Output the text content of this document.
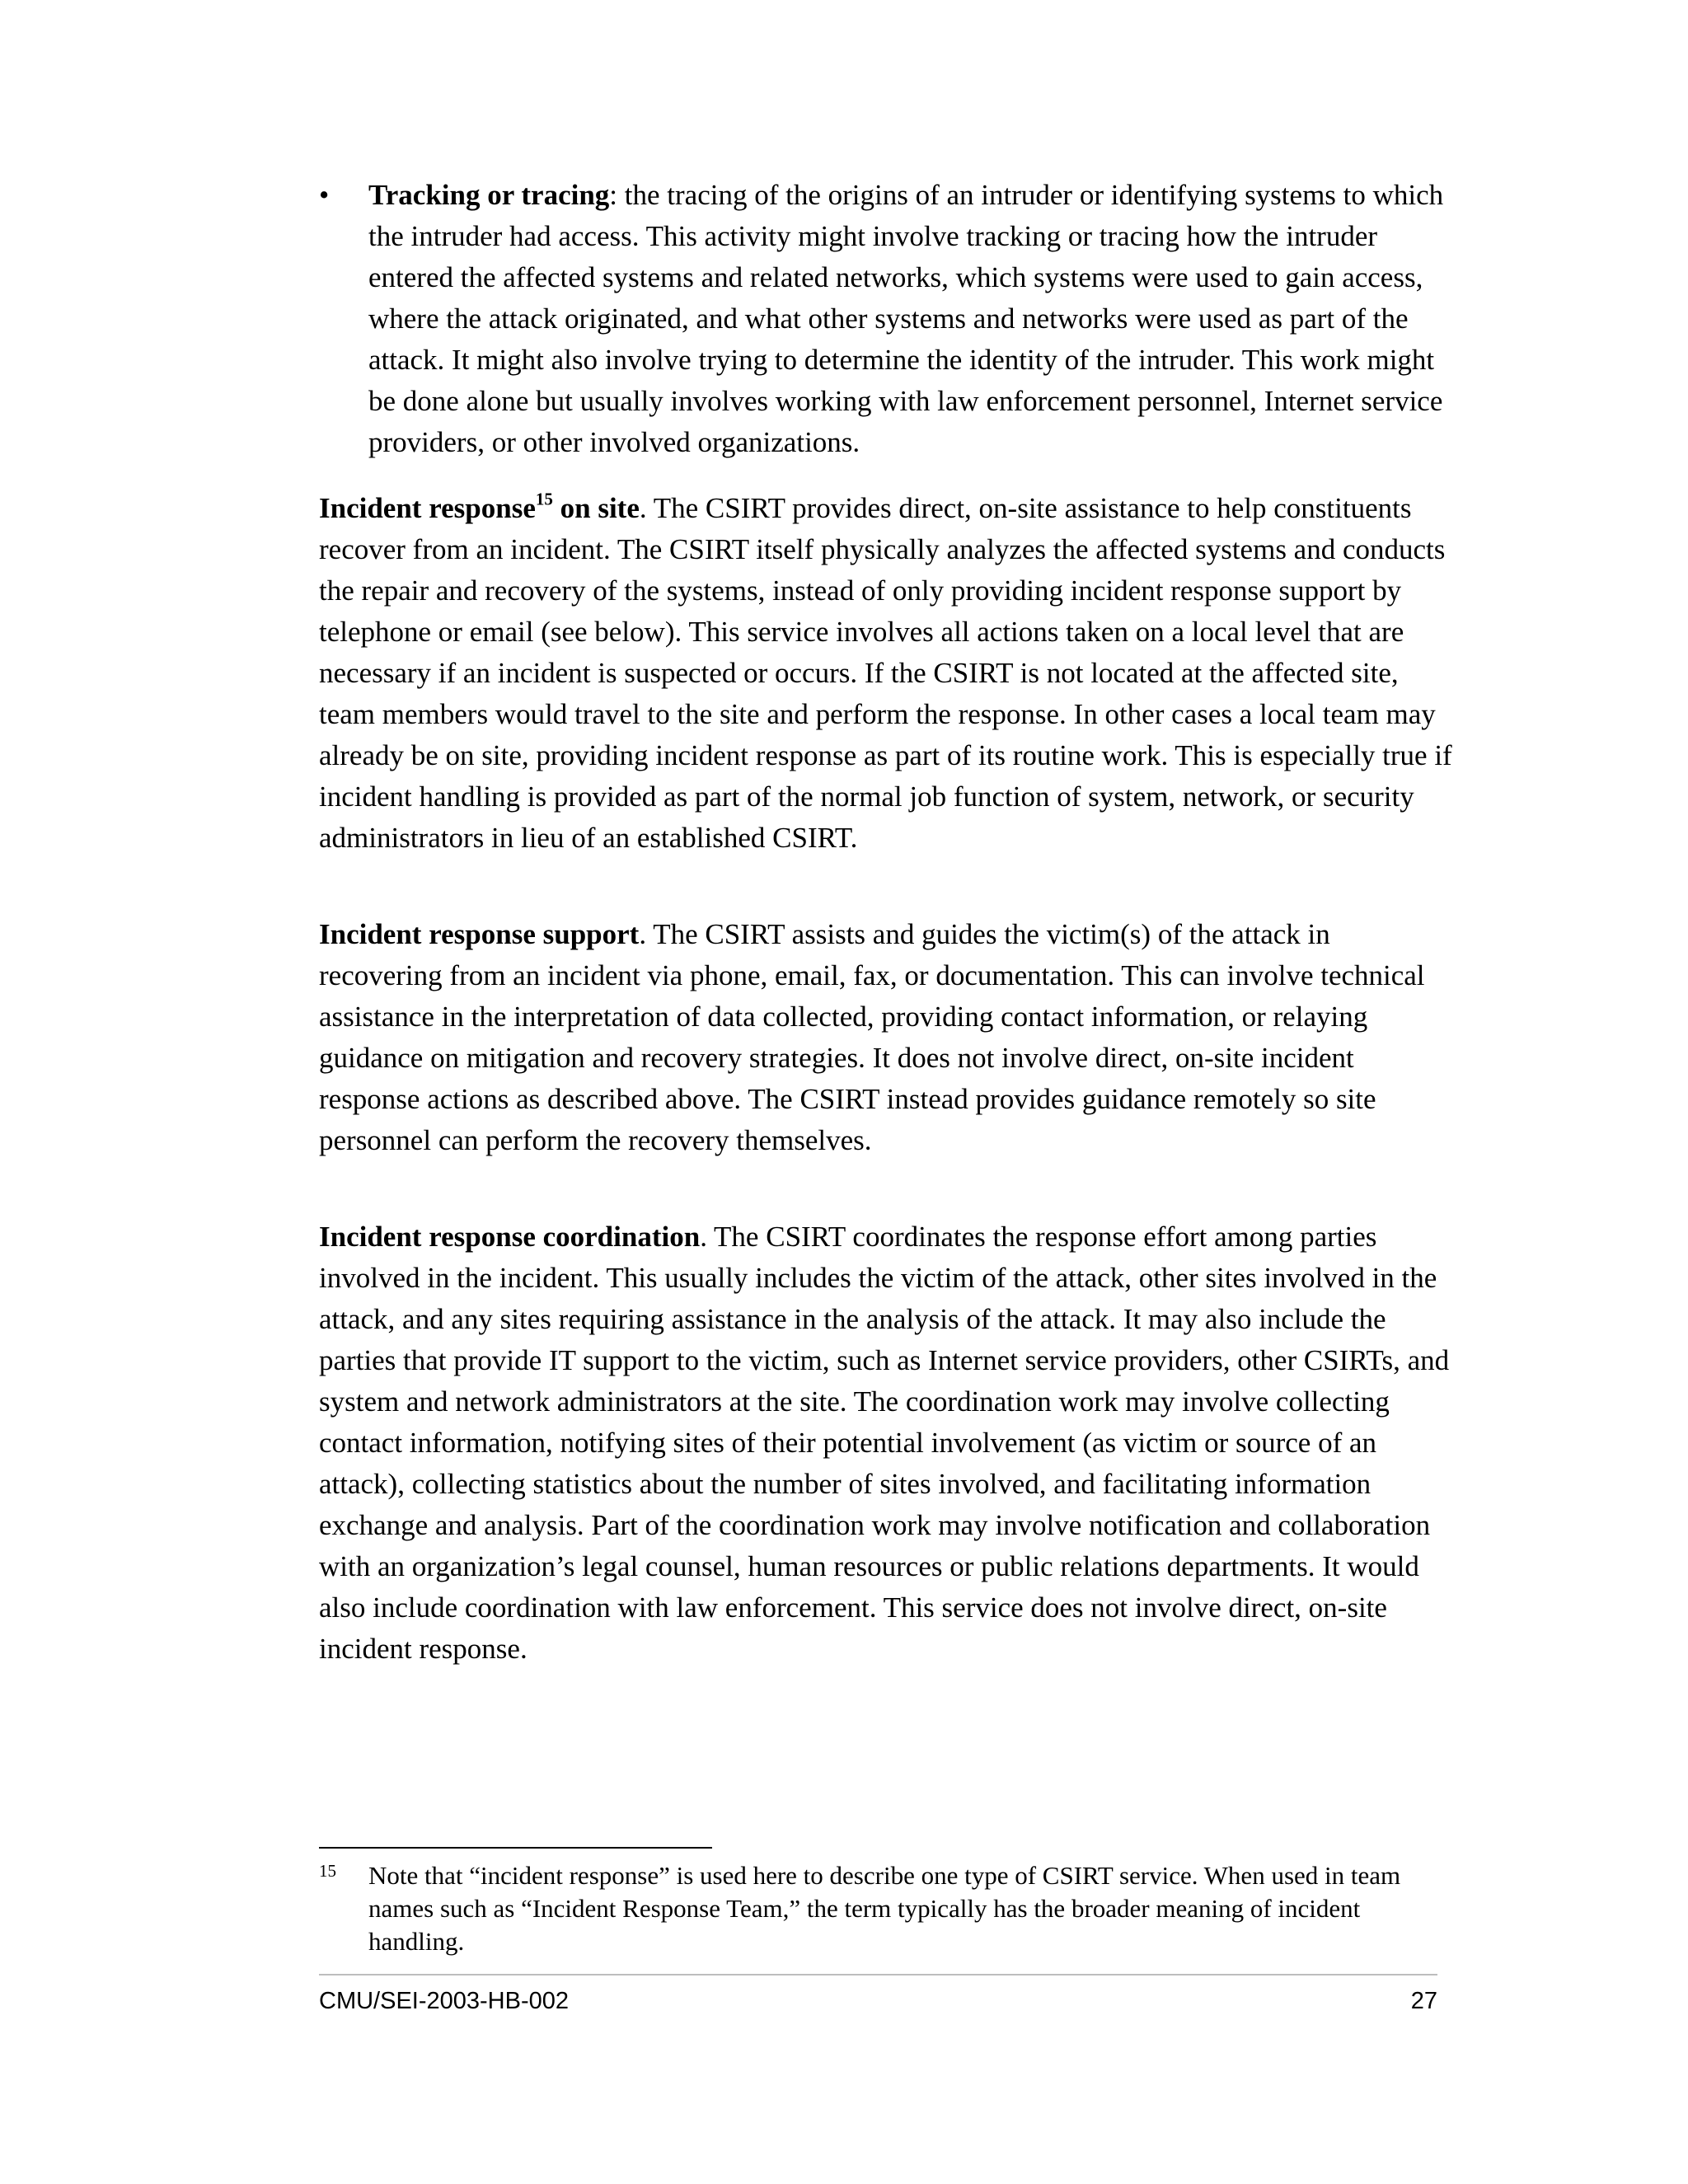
• Tracking or tracing: the tracing of the origins of an intruder or identifying systems to which the intruder had access. This activity might involve tracking or tracing how the intruder entered the affected systems and related networks, which systems were used to gain access, where the attack originated, and what other systems and networks were used as part of the attack. It might also involve trying to determine the identity of the intruder. This work might be done alone but usually involves working with law enforcement personnel, Internet service providers, or other involved organizations.

Incident response$^{15}$ on site. The CSIRT provides direct, on-site assistance to help constituents recover from an incident. The CSIRT itself physically analyzes the affected systems and conducts the repair and recovery of the systems, instead of only providing incident response support by telephone or email (see below). This service involves all actions taken on a local level that are necessary if an incident is suspected or occurs. If the CSIRT is not located at the affected site, team members would travel to the site and perform the response. In other cases a local team may already be on site, providing incident response as part of its routine work. This is especially true if incident handling is provided as part of the normal job function of system, network, or security administrators in lieu of an established CSIRT.

Incident response support. The CSIRT assists and guides the victim(s) of the attack in recovering from an incident via phone, email, fax, or documentation. This can involve technical assistance in the interpretation of data collected, providing contact information, or relaying guidance on mitigation and recovery strategies. It does not involve direct, on-site incident response actions as described above. The CSIRT instead provides guidance remotely so site personnel can perform the recovery themselves.

Incident response coordination. The CSIRT coordinates the response effort among parties involved in the incident. This usually includes the victim of the attack, other sites involved in the attack, and any sites requiring assistance in the analysis of the attack. It may also include the parties that provide IT support to the victim, such as Internet service providers, other CSIRTs, and system and network administrators at the site. The coordination work may involve collecting contact information, notifying sites of their potential involvement (as victim or source of an attack), collecting statistics about the number of sites involved, and facilitating information exchange and analysis. Part of the coordination work may involve notification and collaboration with an organization’s legal counsel, human resources or public relations departments. It would also include coordination with law enforcement. This service does not involve direct, on-site incident response.

15	Note that “incident response” is used here to describe one type of CSIRT service. When used in team names such as “Incident Response Team,” the term typically has the broader meaning of incident handling.
CMU/SEI-2003-HB-002	27
